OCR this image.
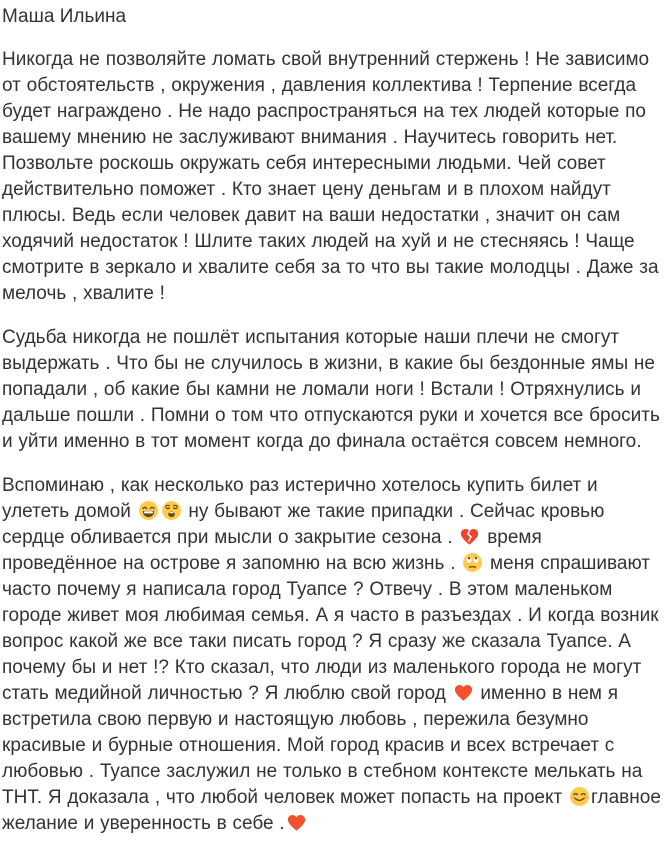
Маша Ильина

Никогда не позволяйте ломать свой внутренний стержень ! Не зависимо от обстоятельств , окружения , давления коллектива ! Терпение всегда будет награждено . Не надо распространяться на тех людей которые по вашему мнению не заслуживают внимания . Научитесь говорить нет. Позвольте роскошь окружать себя интересными людьми. Чей совет действительно поможет . Кто знает цену деньгам и в плохом найдут плюсы. Ведь если человек давит на ваши недостатки , значит он сам ходячий недостаток ! Шлите таких людей на хуй и не стесняясь ! Чаще смотрите в зеркало и хвалите себя за то что вы такие молодцы . Даже за мелочь , хвалите !

Судьба никогда не пошлёт испытания которые наши плечи не смогут выдержать . Что бы не случилось в жизни, в какие бы бездонные ямы не попадали , об какие бы камни не ломали ноги ! Встали ! Отряхнулись и дальше пошли . Помни о том что отпускаются руки и хочется все бросить и уйти именно в тот момент когда до финала остаётся совсем немного.

Вспоминаю , как несколько раз истерично хотелось купить билет и улететь домой  ну бывают же такие припадки . Сейчас кровью сердце обливается при мысли о закрытие сезона .  время проведённое на острове я запомню на всю жизнь .  меня спрашивают часто почему я написала город Туапсе ? Отвечу . В этом маленьком городе живет моя любимая семья. А я часто в разъездах . И когда возник вопрос какой же все таки писать город ? Я сразу же сказала Туапсе. А почему бы и нет !? Кто сказал, что люди из маленького города не могут стать медийной личностью ? Я люблю свой город  именно в нем я встретила свою первую и настоящую любовь , пережила безумно красивые и бурные отношения. Мой город красив и всех встречает с любовью . Туапсе заслужил не только в стебном контексте мелькать на ТНТ. Я доказала , что любой человек может попасть на проект главное желание и уверенность в себе .
